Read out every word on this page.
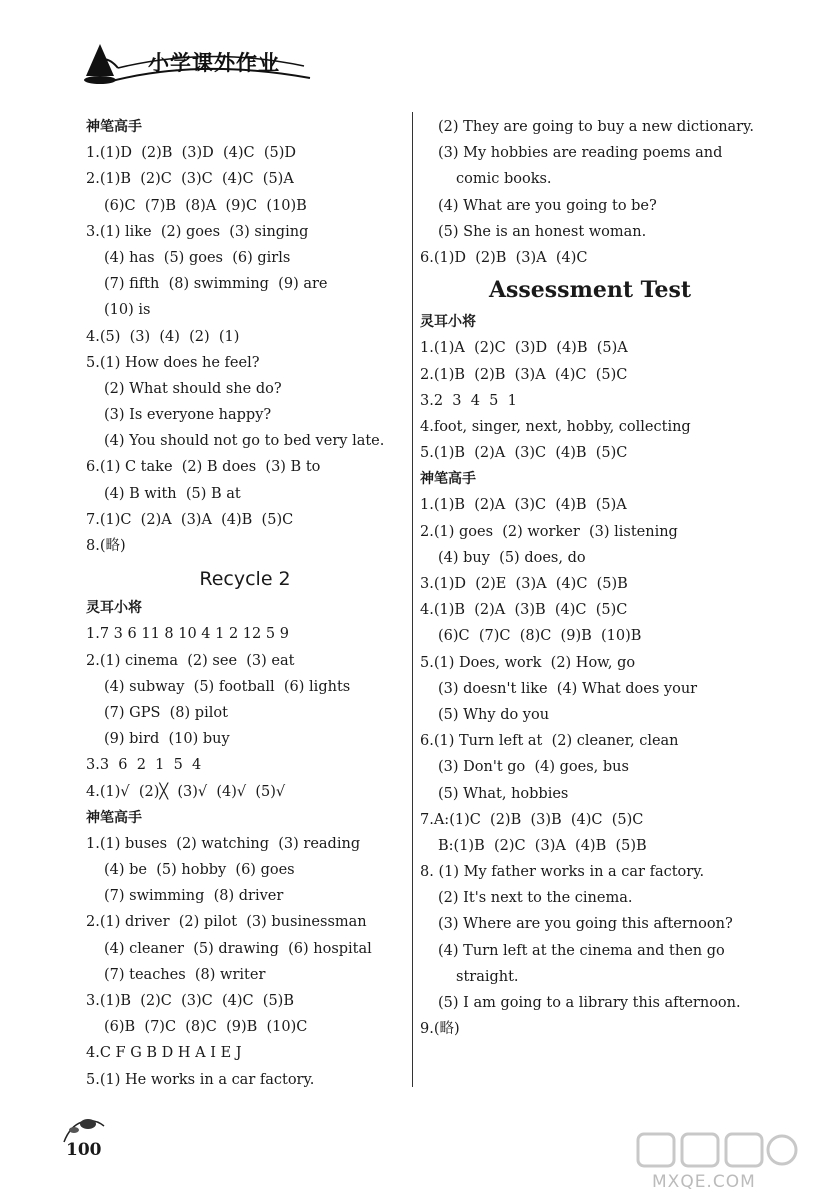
小学课外作业
神笔高手
1.(1)D  (2)B  (3)D  (4)C  (5)D
2.(1)B  (2)C  (3)C  (4)C  (5)A
(6)C  (7)B  (8)A  (9)C  (10)B
3.(1) like  (2) goes  (3) singing
(4) has  (5) goes  (6) girls
(7) fifth  (8) swimming  (9) are
(10) is
4.(5)  (3)  (4)  (2)  (1)
5.(1) How does he feel?
(2) What should she do?
(3) Is everyone happy?
(4) You should not go to bed very late.
6.(1) C take  (2) B does  (3) B to
(4) B with  (5) B at
7.(1)C  (2)A  (3)A  (4)B  (5)C
8.(略)
Recycle 2
灵耳小将
1.7 3 6 11 8 10 4 1 2 12 5 9
2.(1) cinema  (2) see  (3) eat
(4) subway  (5) football  (6) lights
(7) GPS  (8) pilot
(9) bird  (10) buy
3.3  6  2  1  5  4
4.(1)√  (2)╳  (3)√  (4)√  (5)√
神笔高手
1.(1) buses  (2) watching  (3) reading
(4) be  (5) hobby  (6) goes
(7) swimming  (8) driver
2.(1) driver  (2) pilot  (3) businessman
(4) cleaner  (5) drawing  (6) hospital
(7) teaches  (8) writer
3.(1)B  (2)C  (3)C  (4)C  (5)B
(6)B  (7)C  (8)C  (9)B  (10)C
4.C F G B D H A I E J
5.(1) He works in a car factory.
(2) They are going to buy a new dictionary.
(3) My hobbies are reading poems and
comic books.
(4) What are you going to be?
(5) She is an honest woman.
6.(1)D  (2)B  (3)A  (4)C
Assessment Test
灵耳小将
1.(1)A  (2)C  (3)D  (4)B  (5)A
2.(1)B  (2)B  (3)A  (4)C  (5)C
3.2  3  4  5  1
4.foot, singer, next, hobby, collecting
5.(1)B  (2)A  (3)C  (4)B  (5)C
神笔高手
1.(1)B  (2)A  (3)C  (4)B  (5)A
2.(1) goes  (2) worker  (3) listening
(4) buy  (5) does, do
3.(1)D  (2)E  (3)A  (4)C  (5)B
4.(1)B  (2)A  (3)B  (4)C  (5)C
(6)C  (7)C  (8)C  (9)B  (10)B
5.(1) Does, work  (2) How, go
(3) doesn't like  (4) What does your
(5) Why do you
6.(1) Turn left at  (2) cleaner, clean
(3) Don't go  (4) goes, bus
(5) What, hobbies
7.A:(1)C  (2)B  (3)B  (4)C  (5)C
B:(1)B  (2)C  (3)A  (4)B  (5)B
8. (1) My father works in a car factory.
(2) It's next to the cinema.
(3) Where are you going this afternoon?
(4) Turn left at the cinema and then go
straight.
(5) I am going to a library this afternoon.
9.(略)
100
MXQE.COM
